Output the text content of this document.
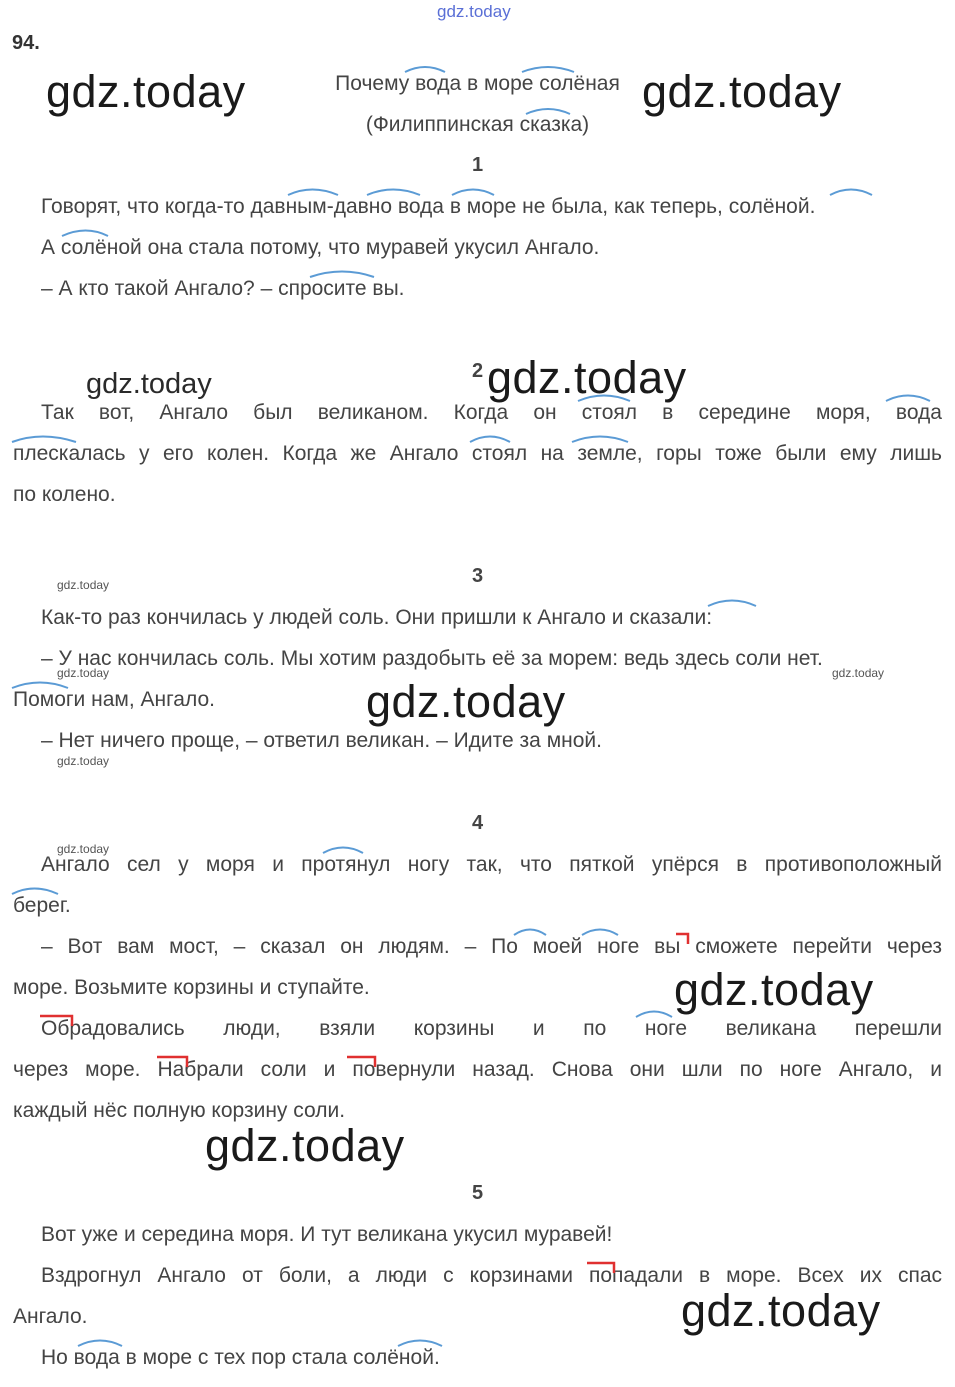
gdz.today
94.
gdz.today	gdz.today
Почему вода в море солёная
(Филиппинская сказка)
1
Говорят, что когда-то давным-давно вода в море не была, как теперь, солёной.
А солёной она стала потому, что муравей укусил Ангало.
– А кто такой Ангало? – спросите вы.
gdz.today	2 gdz.today
Так вот, Ангало был великаном. Когда он стоял в середине моря, вода
плескалась у его колен. Когда же Ангало стоял на земле, горы тоже были ему лишь
по колено.
gdz.today	3
Как-то раз кончилась у людей соль. Они пришли к Ангало и сказали:
– У нас кончилась соль. Мы хотим раздобыть её за морем: ведь здесь соли нет.
gdz.today	gdz.today
Помоги нам, Ангало.	gdz.today
– Нет ничего проще, – ответил великан. – Идите за мной.
gdz.today
4
gdz.today
Ангало сел у моря и протянул ногу так, что пяткой упёрся в противоположный
берег.
– Вот вам мост, – сказал он людям. – По моей ноге вы сможете перейти через
море. Возьмите корзины и ступайте.	gdz.today
Обрадовались люди, взяли корзины и по ноге великана перешли
через море. Набрали соли и повернули назад. Снова они шли по ноге Ангало, и
каждый нёс полную корзину соли.
gdz.today
5
Вот уже и середина моря. И тут великана укусил муравей!
Вздрогнул Ангало от боли, а люди с корзинами попадали в море. Всех их спас
Ангало.	gdz.today
Но вода в море с тех пор стала солёной.
